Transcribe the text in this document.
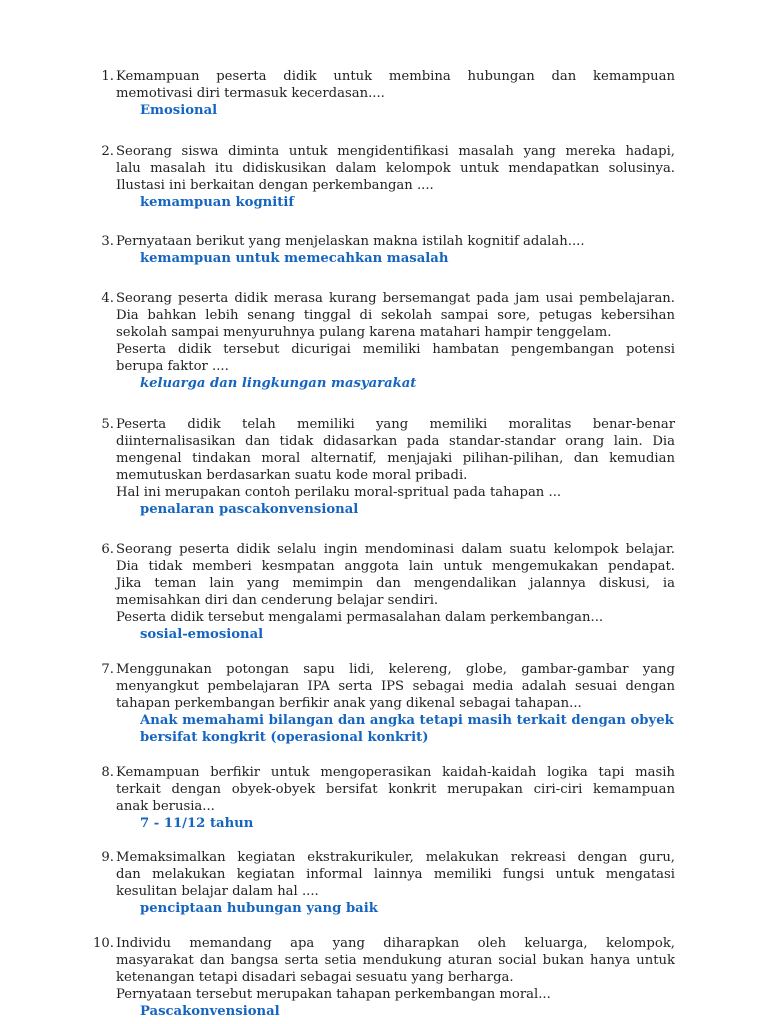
1. Kemampuan peserta didik untuk membina hubungan dan kemampuan
memotivasi diri termasuk kecerdasan....
Emosional
2. Seorang siswa diminta untuk mengidentifikasi masalah yang mereka hadapi,
lalu masalah itu didiskusikan dalam kelompok untuk mendapatkan solusinya.
Ilustasi ini berkaitan dengan perkembangan ....
kemampuan kognitif
3. Pernyataan berikut yang menjelaskan makna istilah kognitif adalah....
kemampuan untuk memecahkan masalah
4. Seorang peserta didik merasa kurang bersemangat pada jam usai pembelajaran.
Dia bahkan lebih senang tinggal di sekolah sampai sore, petugas kebersihan
sekolah sampai menyuruhnya pulang karena matahari hampir tenggelam.
Peserta didik tersebut dicurigai memiliki hambatan pengembangan potensi
berupa faktor ....
keluarga dan lingkungan masyarakat
5. Peserta didik telah memiliki yang memiliki moralitas benar-benar
diinternalisasikan dan tidak didasarkan pada standar-standar orang lain. Dia
mengenal tindakan moral alternatif, menjajaki pilihan-pilihan, dan kemudian
memutuskan berdasarkan suatu kode moral pribadi.
Hal ini merupakan contoh perilaku moral-spritual pada tahapan ...
penalaran pascakonvensional
6. Seorang peserta didik selalu ingin mendominasi dalam suatu kelompok belajar.
Dia tidak memberi kesmpatan anggota lain untuk mengemukakan pendapat.
Jika teman lain yang memimpin dan mengendalikan jalannya diskusi, ia
memisahkan diri dan cenderung belajar sendiri.
Peserta didik tersebut mengalami permasalahan dalam perkembangan...
sosial-emosional
7. Menggunakan potongan sapu lidi, kelereng, globe, gambar-gambar yang
menyangkut pembelajaran IPA serta IPS sebagai media adalah sesuai dengan
tahapan perkembangan berfikir anak yang dikenal sebagai tahapan...
Anak memahami bilangan dan angka tetapi masih terkait dengan obyek
bersifat kongkrit (operasional konkrit)
8. Kemampuan berfikir untuk mengoperasikan kaidah-kaidah logika tapi masih
terkait dengan obyek-obyek bersifat konkrit merupakan ciri-ciri kemampuan
anak berusia...
7 - 11/12 tahun
9. Memaksimalkan kegiatan ekstrakurikuler, melakukan rekreasi dengan guru,
dan melakukan kegiatan informal lainnya memiliki fungsi untuk mengatasi
kesulitan belajar dalam hal ....
penciptaan hubungan yang baik
10. Individu memandang apa yang diharapkan oleh keluarga, kelompok,
masyarakat dan bangsa serta setia mendukung aturan social bukan hanya untuk
ketenangan tetapi disadari sebagai sesuatu yang berharga.
Pernyataan tersebut merupakan tahapan perkembangan moral...
Pascakonvensional
